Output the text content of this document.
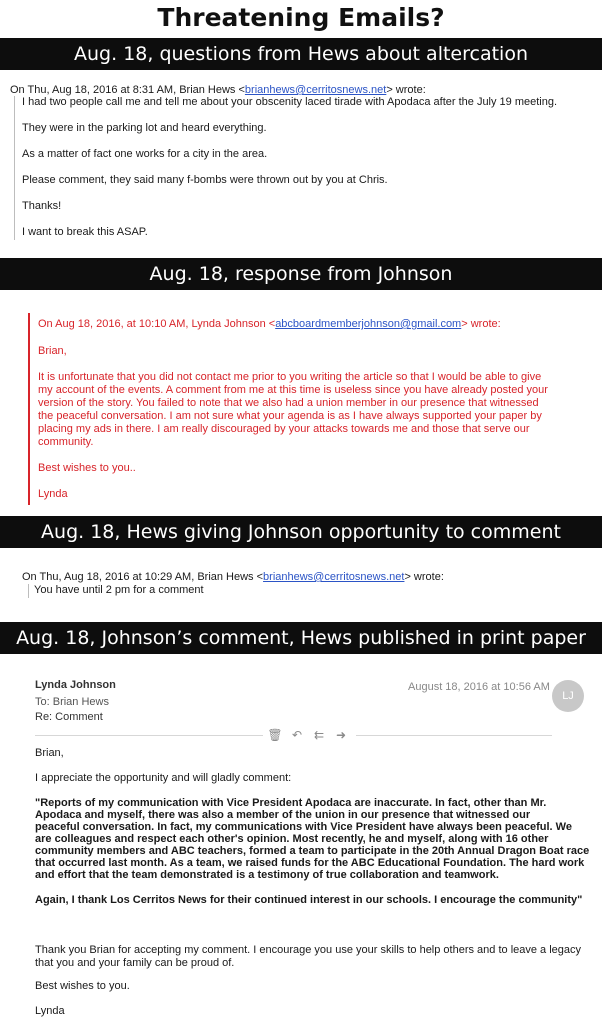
Threatening Emails?
Aug. 18, questions from Hews about altercation
On Thu, Aug 18, 2016 at 8:31 AM, Brian Hews <brianhews@cerritosnews.net> wrote:
I had two people call me and tell me about your obscenity laced tirade with Apodaca after the July 19 meeting.
They were in the parking lot and heard everything.
As a matter of fact one works for a city in the area.
Please comment, they said many f-bombs were thrown out by you at Chris.
Thanks!
I want to break this ASAP.
Aug. 18, response from Johnson
On Aug 18, 2016, at 10:10 AM, Lynda Johnson <abcboardmemberjohnson@gmail.com> wrote:
Brian,
It is unfortunate that you did not contact me prior to you writing the article so that I would be able to give
my account of the events. A comment from me at this time is useless since you have already posted your
version of the story. You failed to note that we also had a union member in our presence that witnessed
the peaceful conversation. I am not sure what your agenda is as I have always supported your paper by
placing my ads in there. I am really discouraged by your attacks towards me and those that serve our
community.
Best wishes to you..
Lynda
Aug. 18, Hews giving Johnson opportunity to comment
On Thu, Aug 18, 2016 at 10:29 AM, Brian Hews <brianhews@cerritosnews.net> wrote:
You have until 2 pm for a comment
Aug. 18, Johnson’s comment, Hews published in print paper
Lynda Johnson	August 18, 2016 at 10:56 AM
To: Brian Hews
Re: Comment
LJ
🗑 ↶ ⇇ ➜
Brian,
I appreciate the opportunity and will gladly comment:
"Reports of my communication with Vice President Apodaca are inaccurate. In fact, other than Mr.
Apodaca and myself, there was also a member of the union in our presence that witnessed our
peaceful conversation. In fact, my communications with Vice President have always been peaceful. We
are colleagues and respect each other's opinion. Most recently, he and myself, along with 16 other
community members and ABC teachers, formed a team to participate in the 20th Annual Dragon Boat race
that occurred last month. As a team, we raised funds for the ABC Educational Foundation. The hard work
and effort that the team demonstrated is a testimony of true collaboration and teamwork.
Again, I thank Los Cerritos News for their continued interest in our schools. I encourage the community"
Thank you Brian for accepting my comment. I encourage you use your skills to help others and to leave a legacy
that you and your family can be proud of.
Best wishes to you.
Lynda
